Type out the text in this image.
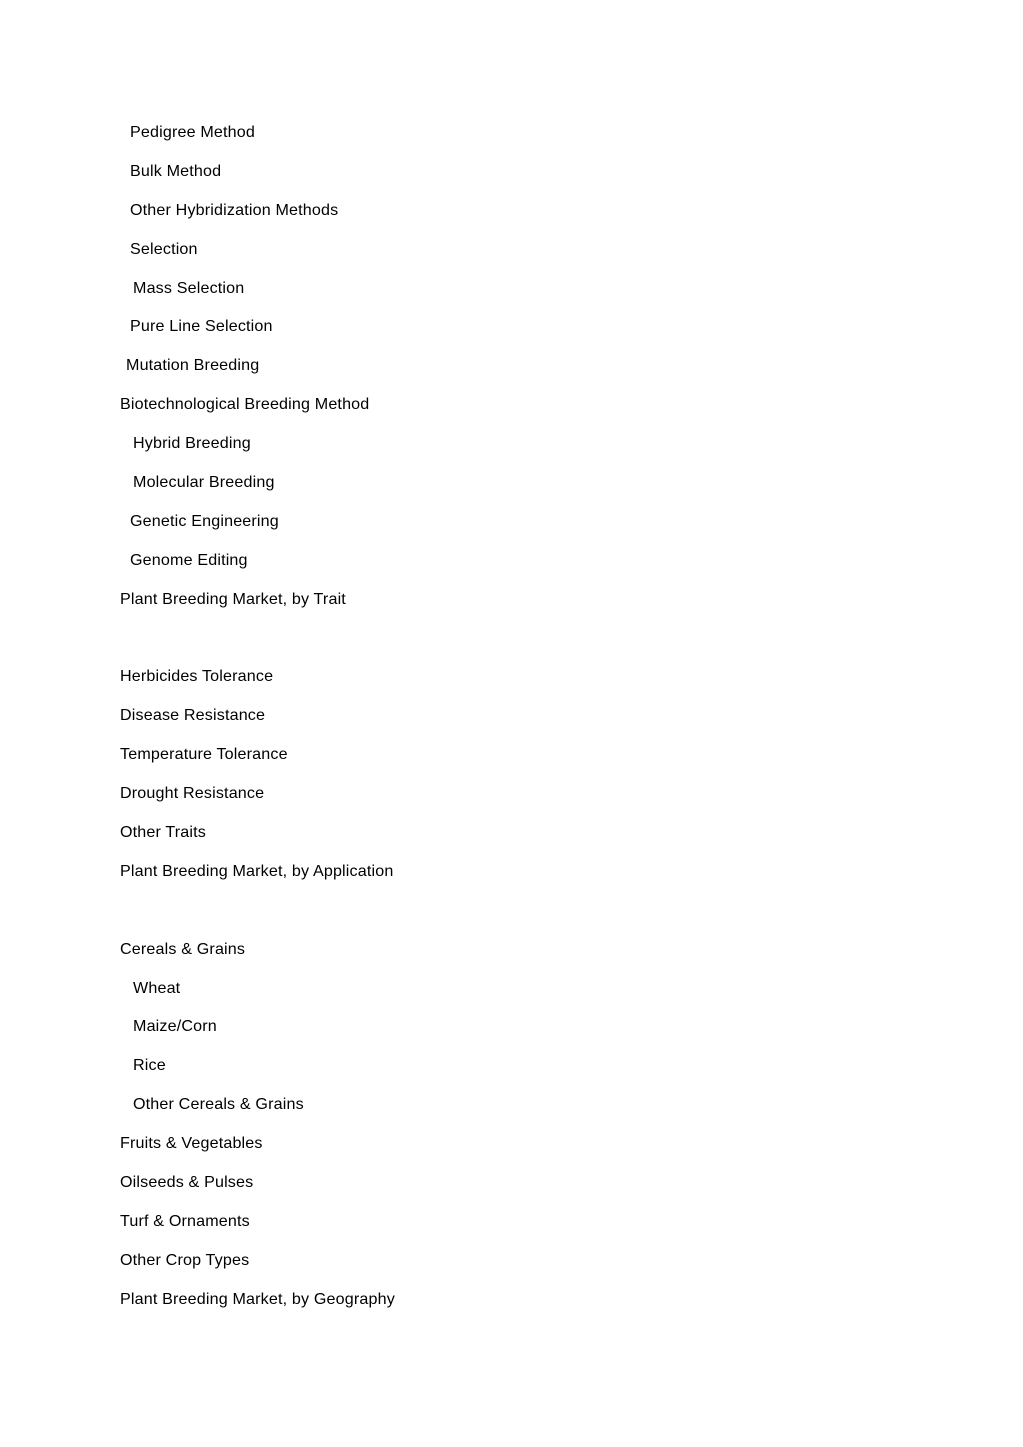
Pedigree Method
Bulk Method
Other Hybridization Methods
Selection
Mass Selection
Pure Line Selection
Mutation Breeding
Biotechnological Breeding Method
Hybrid Breeding
Molecular Breeding
Genetic Engineering
Genome Editing
Plant Breeding Market, by Trait
Herbicides Tolerance
Disease Resistance
Temperature Tolerance
Drought Resistance
Other Traits
Plant Breeding Market, by Application
Cereals & Grains
Wheat
Maize/Corn
Rice
Other Cereals & Grains
Fruits & Vegetables
Oilseeds & Pulses
Turf & Ornaments
Other Crop Types
Plant Breeding Market, by Geography
